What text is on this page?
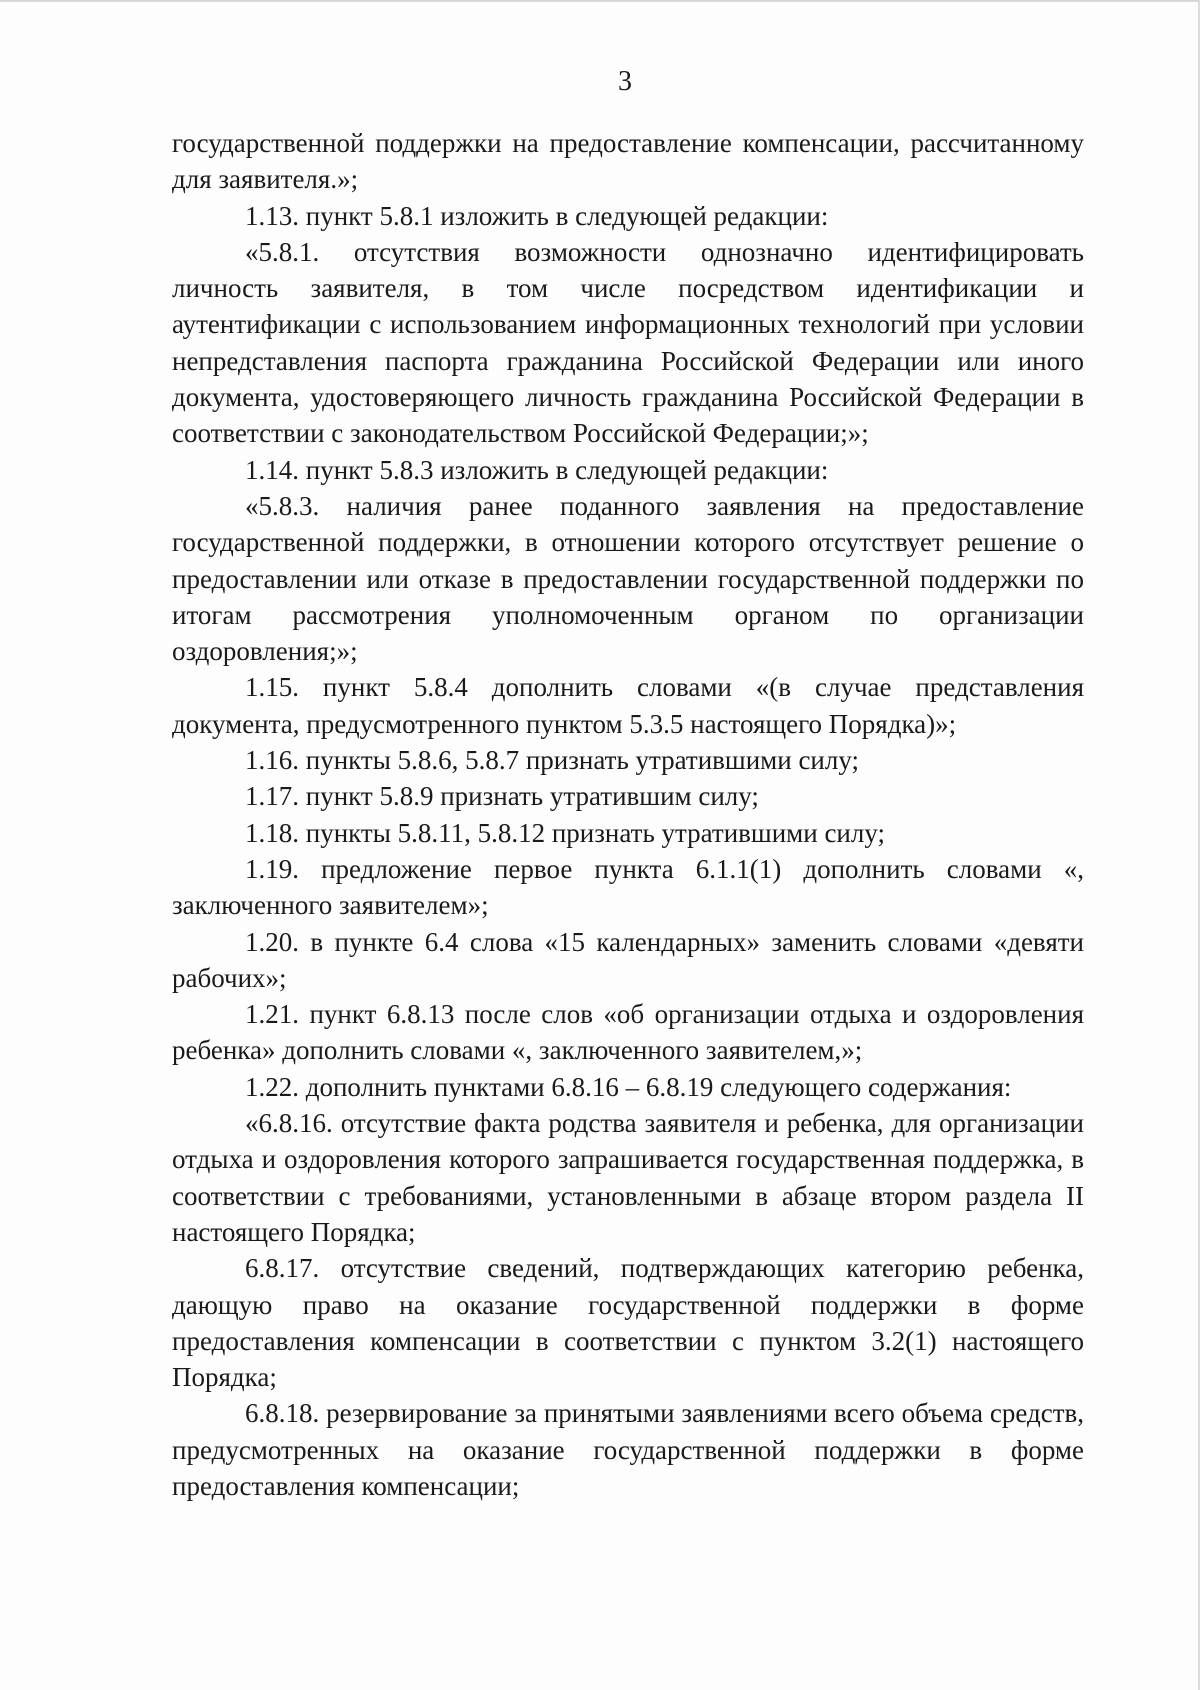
3

государственной поддержки на предоставление компенсации, рассчитанному для заявителя.»;

1.13. пункт 5.8.1 изложить в следующей редакции:

«5.8.1. отсутствия возможности однозначно идентифицировать личность заявителя, в том числе посредством идентификации и аутентификации с использованием информационных технологий при условии непредставления паспорта гражданина Российской Федерации или иного документа, удостоверяющего личность гражданина Российской Федерации в соответствии с законодательством Российской Федерации;»;

1.14. пункт 5.8.3 изложить в следующей редакции:

«5.8.3. наличия ранее поданного заявления на предоставление государственной поддержки, в отношении которого отсутствует решение о предоставлении или отказе в предоставлении государственной поддержки по итогам рассмотрения уполномоченным органом по организации оздоровления;»;

1.15. пункт 5.8.4 дополнить словами «(в случае представления документа, предусмотренного пунктом 5.3.5 настоящего Порядка)»;

1.16. пункты 5.8.6, 5.8.7 признать утратившими силу;

1.17. пункт 5.8.9 признать утратившим силу;

1.18. пункты 5.8.11, 5.8.12 признать утратившими силу;

1.19. предложение первое пункта 6.1.1(1) дополнить словами «, заключенного заявителем»;

1.20. в пункте 6.4 слова «15 календарных» заменить словами «девяти рабочих»;

1.21. пункт 6.8.13 после слов «об организации отдыха и оздоровления ребенка» дополнить словами «, заключенного заявителем,»;

1.22. дополнить пунктами 6.8.16 – 6.8.19 следующего содержания:

«6.8.16. отсутствие факта родства заявителя и ребенка, для организации отдыха и оздоровления которого запрашивается государственная поддержка, в соответствии с требованиями, установленными в абзаце втором раздела II настоящего Порядка;

6.8.17. отсутствие сведений, подтверждающих категорию ребенка, дающую право на оказание государственной поддержки в форме предоставления компенсации в соответствии с пунктом 3.2(1) настоящего Порядка;

6.8.18. резервирование за принятыми заявлениями всего объема средств, предусмотренных на оказание государственной поддержки в форме предоставления компенсации;
